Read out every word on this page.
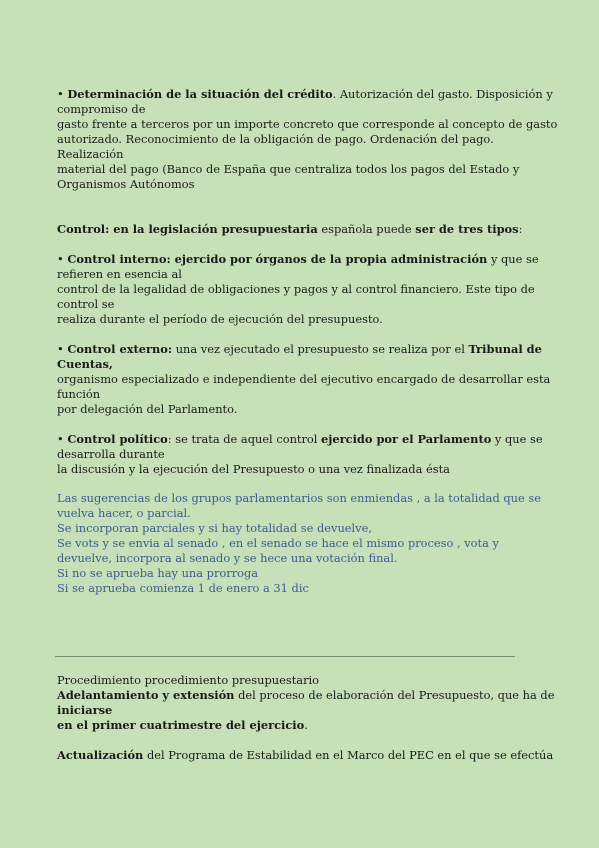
• Determinación de la situación del crédito. Autorización del gasto. Disposición y
compromiso de
gasto frente a terceros por un importe concreto que corresponde al concepto de gasto
autorizado. Reconocimiento de la obligación de pago. Ordenación del pago.
Realización
material del pago (Banco de España que centraliza todos los pagos del Estado y
Organismos Autónomos
Control: en la legislación presupuestaria española puede ser de tres tipos:
• Control interno: ejercido por órganos de la propia administración y que se
refieren en esencia al
control de la legalidad de obligaciones y pagos y al control financiero. Este tipo de
control se
realiza durante el período de ejecución del presupuesto.
• Control externo: una vez ejecutado el presupuesto se realiza por el Tribunal de
Cuentas,
organismo especializado e independiente del ejecutivo encargado de desarrollar esta
función
por delegación del Parlamento.
• Control político: se trata de aquel control ejercido por el Parlamento y que se
desarrolla durante
la discusión y la ejecución del Presupuesto o una vez finalizada ésta
Las sugerencias de los grupos parlamentarios son enmiendas , a la totalidad que se
vuelva hacer, o parcial.
Se incorporan parciales y si hay totalidad se devuelve,
Se vots y se envia al senado , en el senado se hace el mismo proceso , vota y
devuelve, incorpora al senado y se hece una votación final.
Si no se aprueba hay una prorroga
Si se aprueba comienza 1 de enero a 31 dic
Procedimiento procedimiento presupuestario
Adelantamiento y extensión del proceso de elaboración del Presupuesto, que ha de
iniciarse
en el primer cuatrimestre del ejercicio.
Actualización del Programa de Estabilidad en el Marco del PEC en el que se efectúa
